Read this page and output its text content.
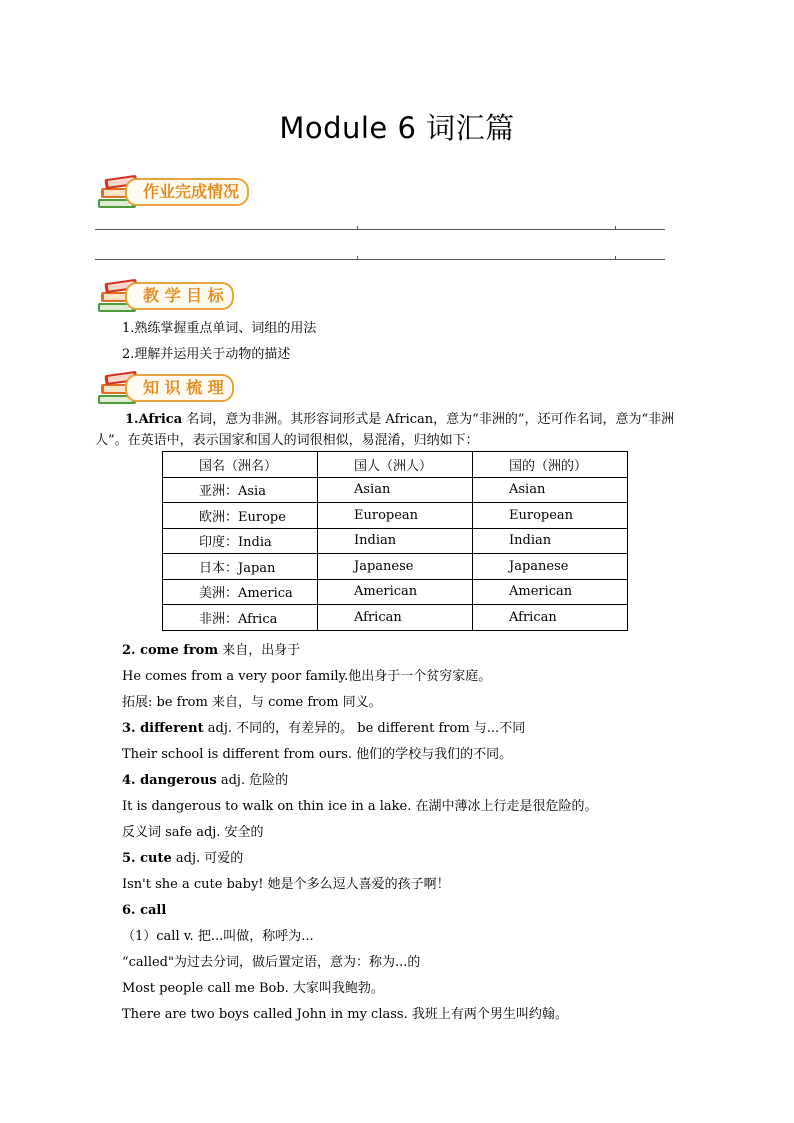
Module 6 词汇篇
作业完成情况
教 学 目 标
1.熟练掌握重点单词、词组的用法
2.理解并运用关于动物的描述
知 识 梳 理
1.Africa 名词，意为非洲。其形容词形式是 African，意为“非洲的”，还可作名词，意为“非洲
人”。在英语中，表示国家和国人的词很相似，易混淆，归纳如下：
国名（洲名）	国人（洲人）	国的（洲的）
亚洲：Asia	Asian	Asian
欧洲：Europe	European	European
印度：India	Indian	Indian
日本：Japan	Japanese	Japanese
美洲：America	American	American
非洲：Africa	African	African
2. come from 来自，出身于
He comes from a very poor family.他出身于一个贫穷家庭。
拓展: be from 来自，与 come from 同义。
3. different adj. 不同的，有差异的。 be different from 与...不同
Their school is different from ours. 他们的学校与我们的不同。
4. dangerous adj. 危险的
It is dangerous to walk on thin ice in a lake. 在湖中薄冰上行走是很危险的。
反义词 safe adj. 安全的
5. cute adj. 可爱的
Isn't she a cute baby! 她是个多么逗人喜爱的孩子啊！
6. call
（1）call v. 把...叫做，称呼为...
“called"为过去分词，做后置定语，意为：称为...的
Most people call me Bob. 大家叫我鲍勃。
There are two boys called John in my class. 我班上有两个男生叫约翰。
